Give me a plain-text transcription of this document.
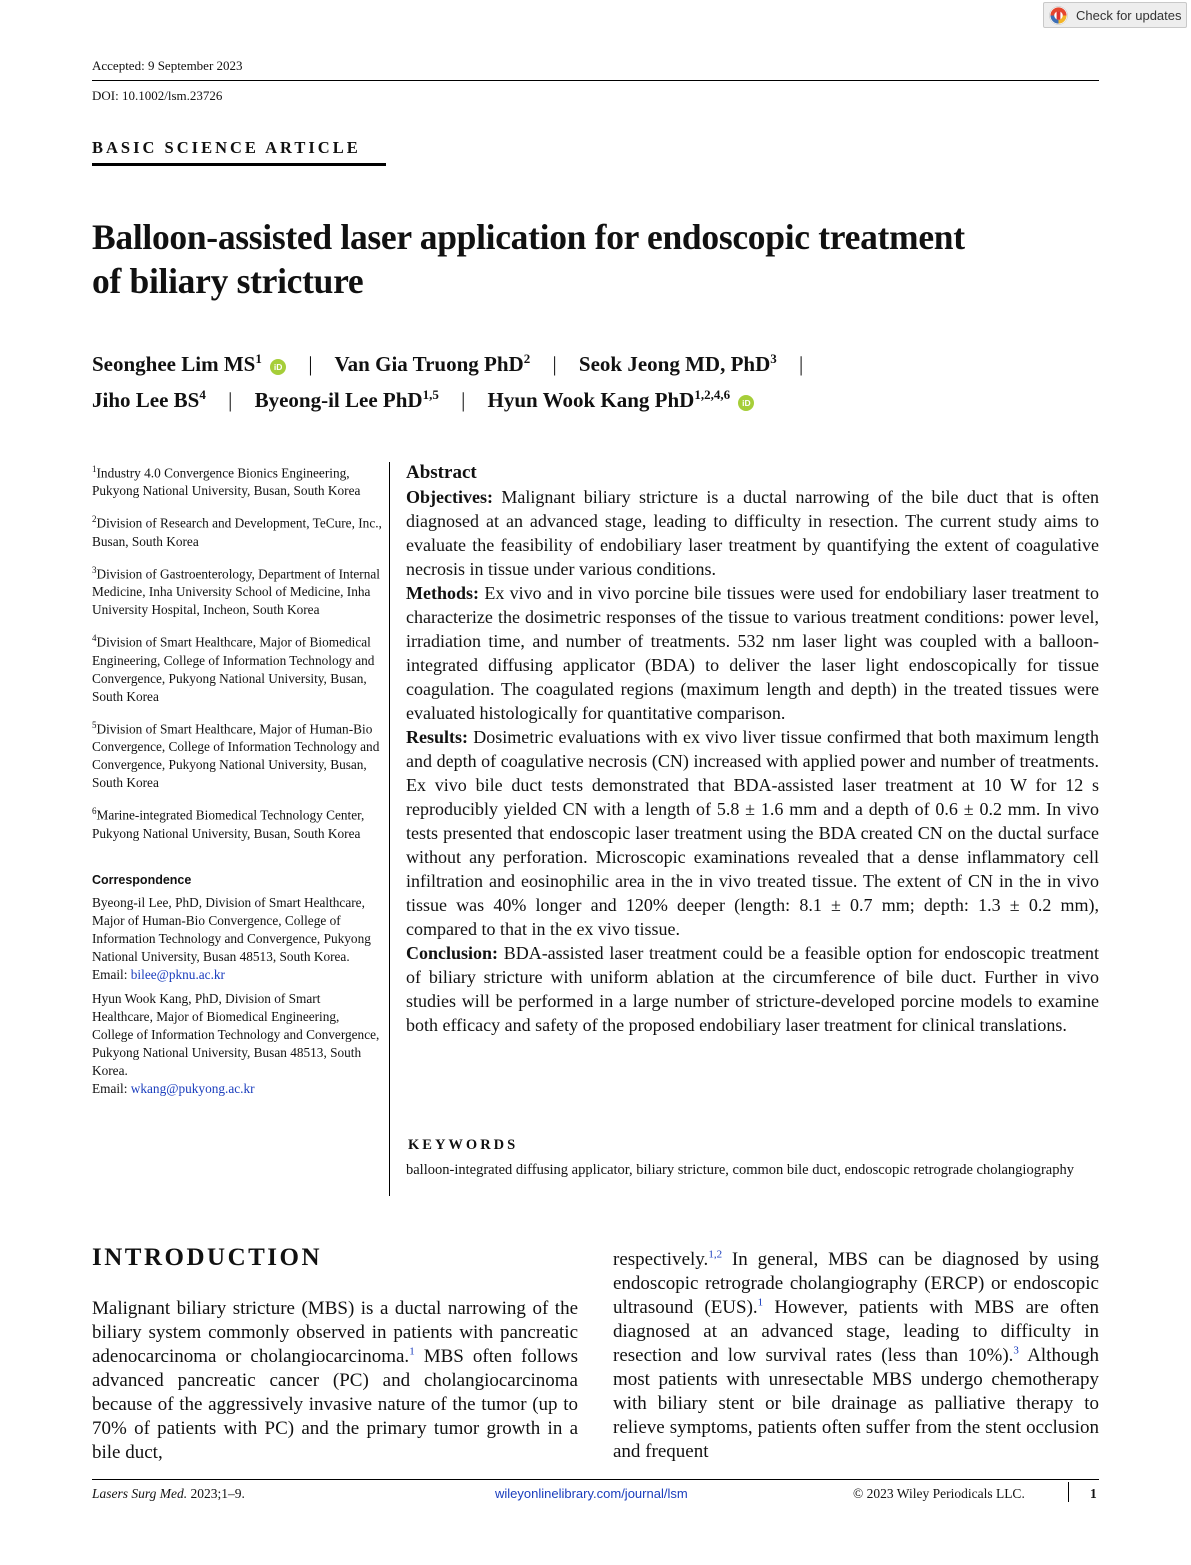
Check for updates
Accepted: 9 September 2023
DOI: 10.1002/lsm.23726
BASIC SCIENCE ARTICLE
Balloon‐assisted laser application for endoscopic treatment
of biliary stricture
Seonghee Lim $MS^1$ iD | Van Gia Truong PhD$^2$ | Seok Jeong MD, PhD$^3$ |
Jiho Lee $BS^4$ | Byeong‐il Lee PhD$^{1,5}$ | Hyun Wook Kang PhD$^{1,2,4,6}$ iD
$^1$Industry 4.0 Convergence Bionics Engineering, Pukyong National University, Busan, South Korea
$^2$Division of Research and Development, TeCure, Inc., Busan, South Korea
$^3$Division of Gastroenterology, Department of Internal Medicine, Inha University School of Medicine, Inha University Hospital, Incheon, South Korea
$^4$Division of Smart Healthcare, Major of Biomedical Engineering, College of Information Technology and Convergence, Pukyong National University, Busan, South Korea
$^5$Division of Smart Healthcare, Major of Human‐Bio Convergence, College of Information Technology and Convergence, Pukyong National University, Busan, South Korea
$^6$Marine‐integrated Biomedical Technology Center, Pukyong National University, Busan, South Korea
Correspondence
Byeong‐il Lee, PhD, Division of Smart Healthcare, Major of Human‐Bio Convergence, College of Information Technology and Convergence, Pukyong National University, Busan 48513, South Korea.
Email: bilee@pknu.ac.kr
Hyun Wook Kang, PhD, Division of Smart Healthcare, Major of Biomedical Engineering, College of Information Technology and Convergence, Pukyong National University, Busan 48513, South Korea.
Email: wkang@pukyong.ac.kr
Abstract
Objectives: Malignant biliary stricture is a ductal narrowing of the bile duct that is often diagnosed at an advanced stage, leading to difficulty in resection. The current study aims to evaluate the feasibility of endobiliary laser treatment by quantifying the extent of coagulative necrosis in tissue under various conditions.
Methods: Ex vivo and in vivo porcine bile tissues were used for endobiliary laser treatment to characterize the dosimetric responses of the tissue to various treatment conditions: power level, irradiation time, and number of treatments. 532 nm laser light was coupled with a balloon‐integrated diffusing applicator (BDA) to deliver the laser light endoscopically for tissue coagulation. The coagulated regions (maximum length and depth) in the treated tissues were evaluated histologically for quantitative comparison.
Results: Dosimetric evaluations with ex vivo liver tissue confirmed that both maximum length and depth of coagulative necrosis (CN) increased with applied power and number of treatments. Ex vivo bile duct tests demonstrated that BDA‐assisted laser treatment at 10 W for 12 s reproducibly yielded CN with a length of 5.8 ± 1.6 mm and a depth of 0.6 ± 0.2 mm. In vivo tests presented that endoscopic laser treatment using the BDA created CN on the ductal surface without any perforation. Microscopic examinations revealed that a dense inflammatory cell infiltration and eosinophilic area in the in vivo treated tissue. The extent of CN in the in vivo tissue was 40% longer and 120% deeper (length: 8.1 ± 0.7 mm; depth: 1.3 ± 0.2 mm), compared to that in the ex vivo tissue.
Conclusion: BDA‐assisted laser treatment could be a feasible option for endoscopic treatment of biliary stricture with uniform ablation at the circumference of bile duct. Further in vivo studies will be performed in a large number of stricture‐developed porcine models to examine both efficacy and safety of the proposed endobiliary laser treatment for clinical translations.
KEYWORDS
balloon‐integrated diffusing applicator, biliary stricture, common bile duct, endoscopic retrograde cholangiography
INTRODUCTION
Malignant biliary stricture (MBS) is a ductal narrowing of the biliary system commonly observed in patients with pancreatic adenocarcinoma or cholangiocarcinoma.$^1$ MBS often follows advanced pancreatic cancer (PC) and cholangiocarcinoma because of the aggressively invasive nature of the tumor (up to 70% of patients with PC) and the primary tumor growth in a bile duct,
respectively.$^{1,2}$ In general, MBS can be diagnosed by using endoscopic retrograde cholangiography (ERCP) or endoscopic ultrasound (EUS).$^1$ However, patients with MBS are often diagnosed at an advanced stage, leading to difficulty in resection and low survival rates (less than 10%).$^3$ Although most patients with unresectable MBS undergo chemotherapy with biliary stent or bile drainage as palliative therapy to relieve symptoms, patients often suffer from the stent occlusion and frequent
Lasers Surg Med. 2023;1–9.	wileyonlinelibrary.com/journal/lsm	© 2023 Wiley Periodicals LLC.	1
